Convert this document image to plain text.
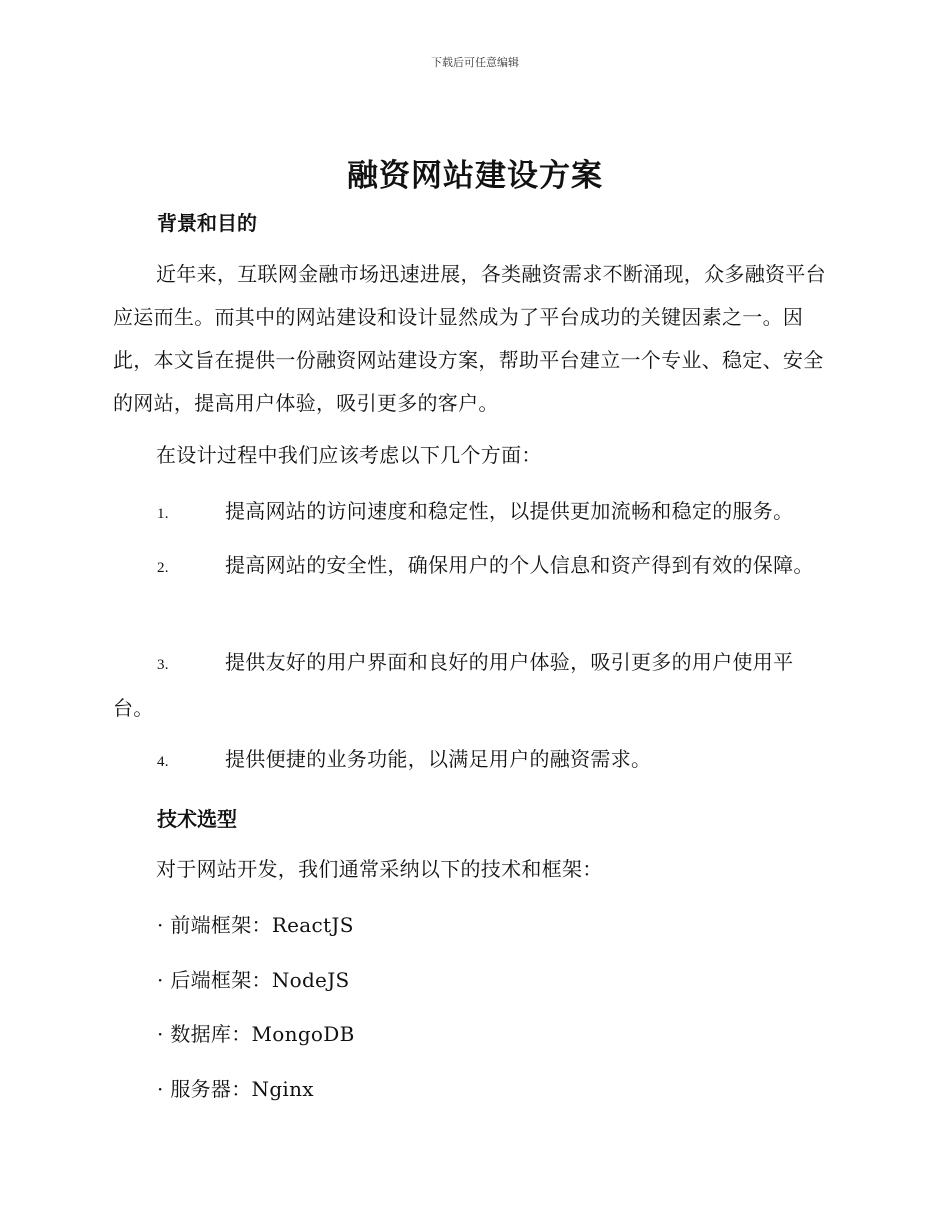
下载后可任意编辑
融资网站建设方案
背景和目的

近年来，互联网金融市场迅速进展，各类融资需求不断涌现，众多融资平台应运而生。而其中的网站建设和设计显然成为了平台成功的关键因素之一。因此，本文旨在提供一份融资网站建设方案，帮助平台建立一个专业、稳定、安全的网站，提高用户体验，吸引更多的客户。

在设计过程中我们应该考虑以下几个方面：

1.	提高网站的访问速度和稳定性，以提供更加流畅和稳定的服务。

2.	提高网站的安全性，确保用户的个人信息和资产得到有效的保障。

3.	提供友好的用户界面和良好的用户体验，吸引更多的用户使用平台。

4.	提供便捷的业务功能，以满足用户的融资需求。

技术选型

对于网站开发，我们通常采纳以下的技术和框架：

· 前端框架：ReactJS

· 后端框架：NodeJS

· 数据库：MongoDB

· 服务器：Nginx
